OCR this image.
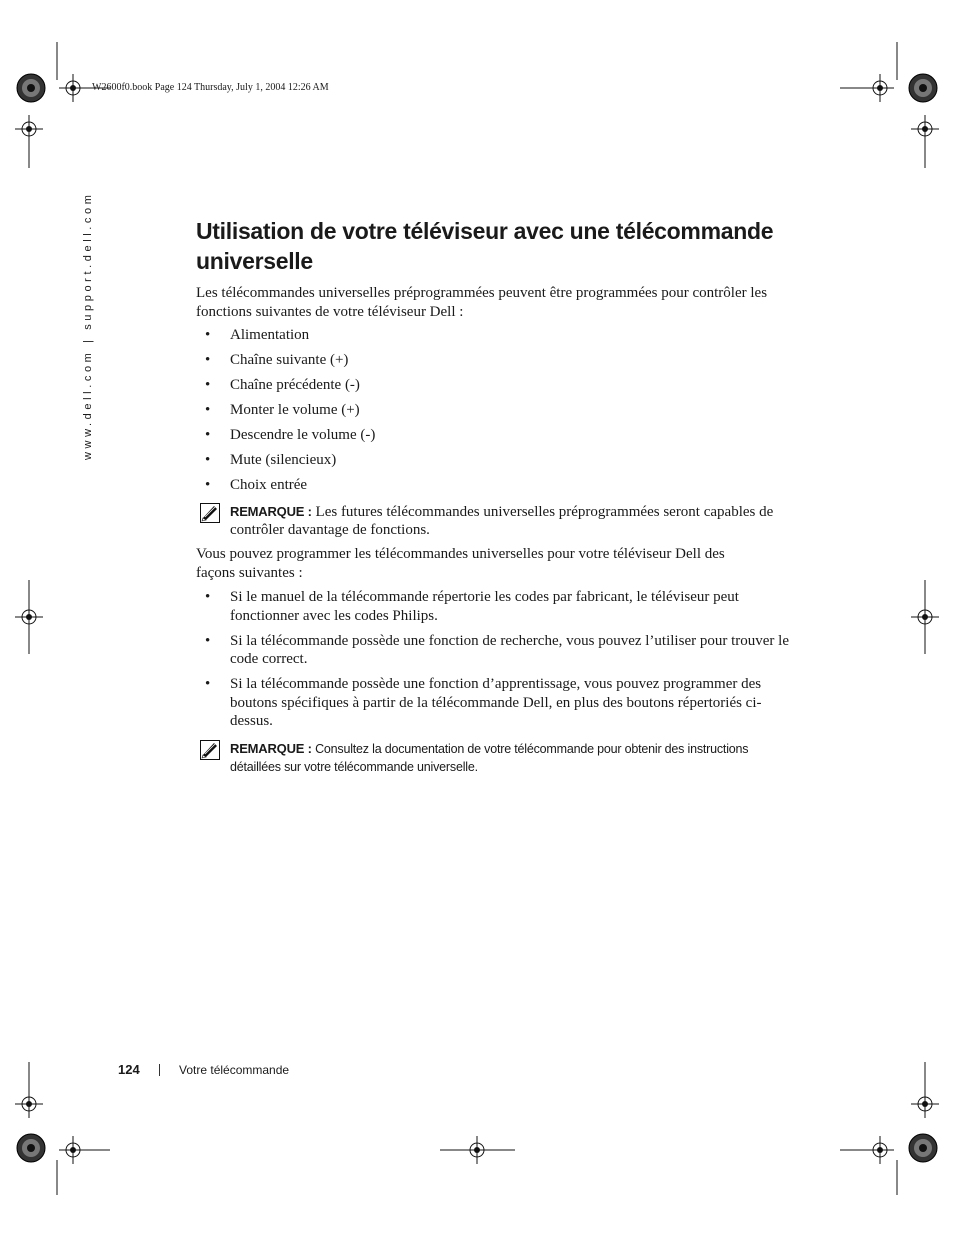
W2600f0.book Page 124 Thursday, July 1, 2004 12:26 AM
www.dell.com | support.dell.com	Utilisation de votre téléviseur avec une télécommande universelle

Les télécommandes universelles préprogrammées peuvent être programmées pour contrôler les fonctions suivantes de votre téléviseur Dell :

• Alimentation
• Chaîne suivante (+)
• Chaîne précédente (-)
• Monter le volume (+)
• Descendre le volume (-)
• Mute (silencieux)
• Choix entrée
REMARQUE : Les futures télécommandes universelles préprogrammées seront capables de contrôler davantage de fonctions.

Vous pouvez programmer les télécommandes universelles pour votre téléviseur Dell des façons suivantes :

• Si le manuel de la télécommande répertorie les codes par fabricant, le téléviseur peut fonctionner avec les codes Philips.
• Si la télécommande possède une fonction de recherche, vous pouvez l’utiliser pour trouver le code correct.
• Si la télécommande possède une fonction d’apprentissage, vous pouvez programmer des boutons spécifiques à partir de la télécommande Dell, en plus des boutons répertoriés ci-dessus.
REMARQUE : Consultez la documentation de votre télécommande pour obtenir des instructions détaillées sur votre télécommande universelle.
124	Votre télécommande
